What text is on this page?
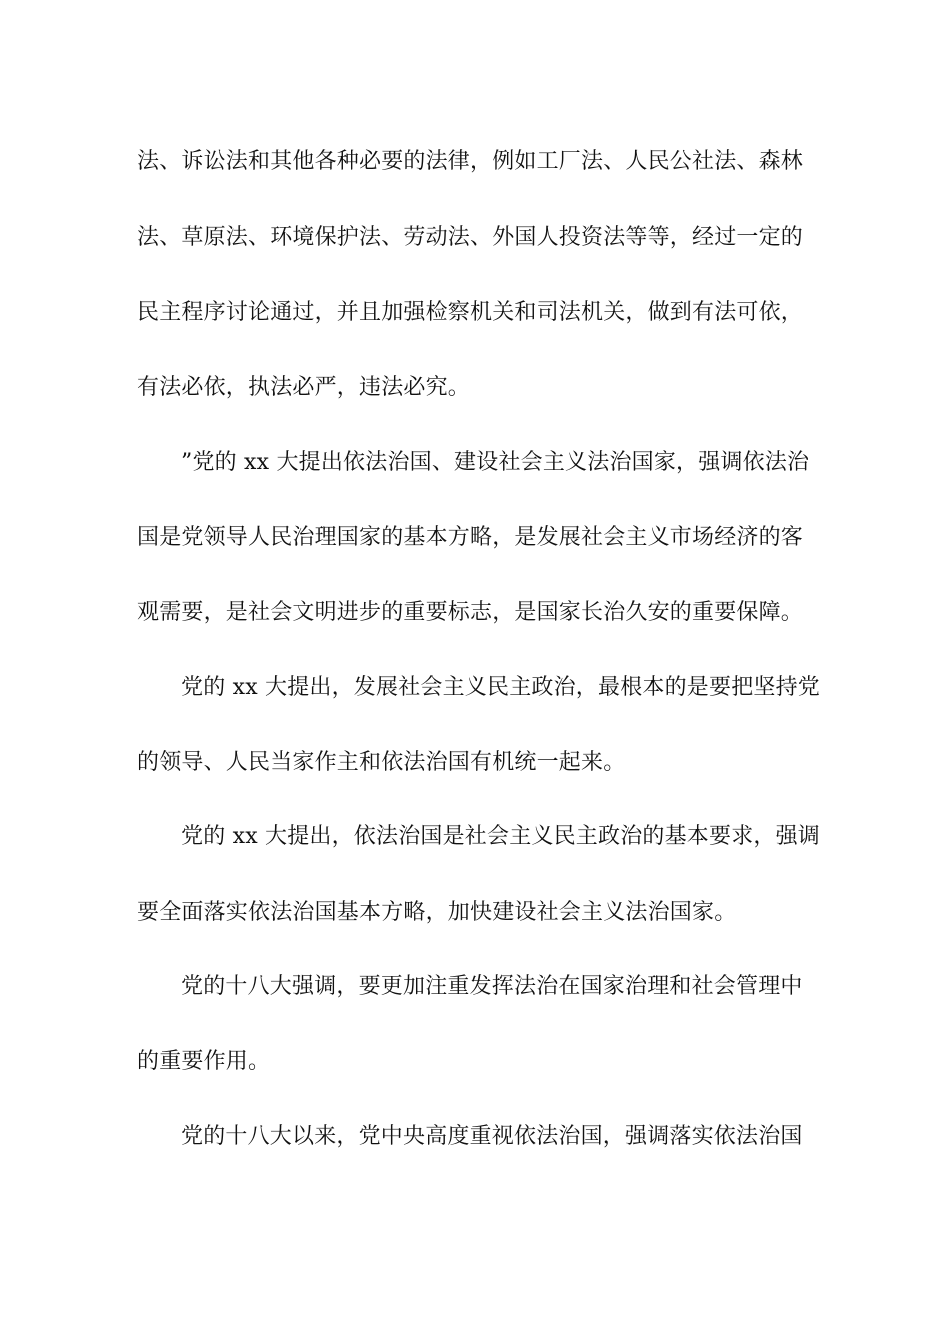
法、诉讼法和其他各种必要的法律，例如工厂法、人民公社法、森林
法、草原法、环境保护法、劳动法、外国人投资法等等，经过一定的
民主程序讨论通过，并且加强检察机关和司法机关，做到有法可依，
有法必依，执法必严，违法必究。
”党的 xx 大提出依法治国、建设社会主义法治国家，强调依法治
国是党领导人民治理国家的基本方略，是发展社会主义市场经济的客
观需要，是社会文明进步的重要标志，是国家长治久安的重要保障。
党的 xx 大提出，发展社会主义民主政治，最根本的是要把坚持党
的领导、人民当家作主和依法治国有机统一起来。
党的 xx 大提出，依法治国是社会主义民主政治的基本要求，强调
要全面落实依法治国基本方略，加快建设社会主义法治国家。
党的十八大强调，要更加注重发挥法治在国家治理和社会管理中
的重要作用。
党的十八大以来，党中央高度重视依法治国，强调落实依法治国
